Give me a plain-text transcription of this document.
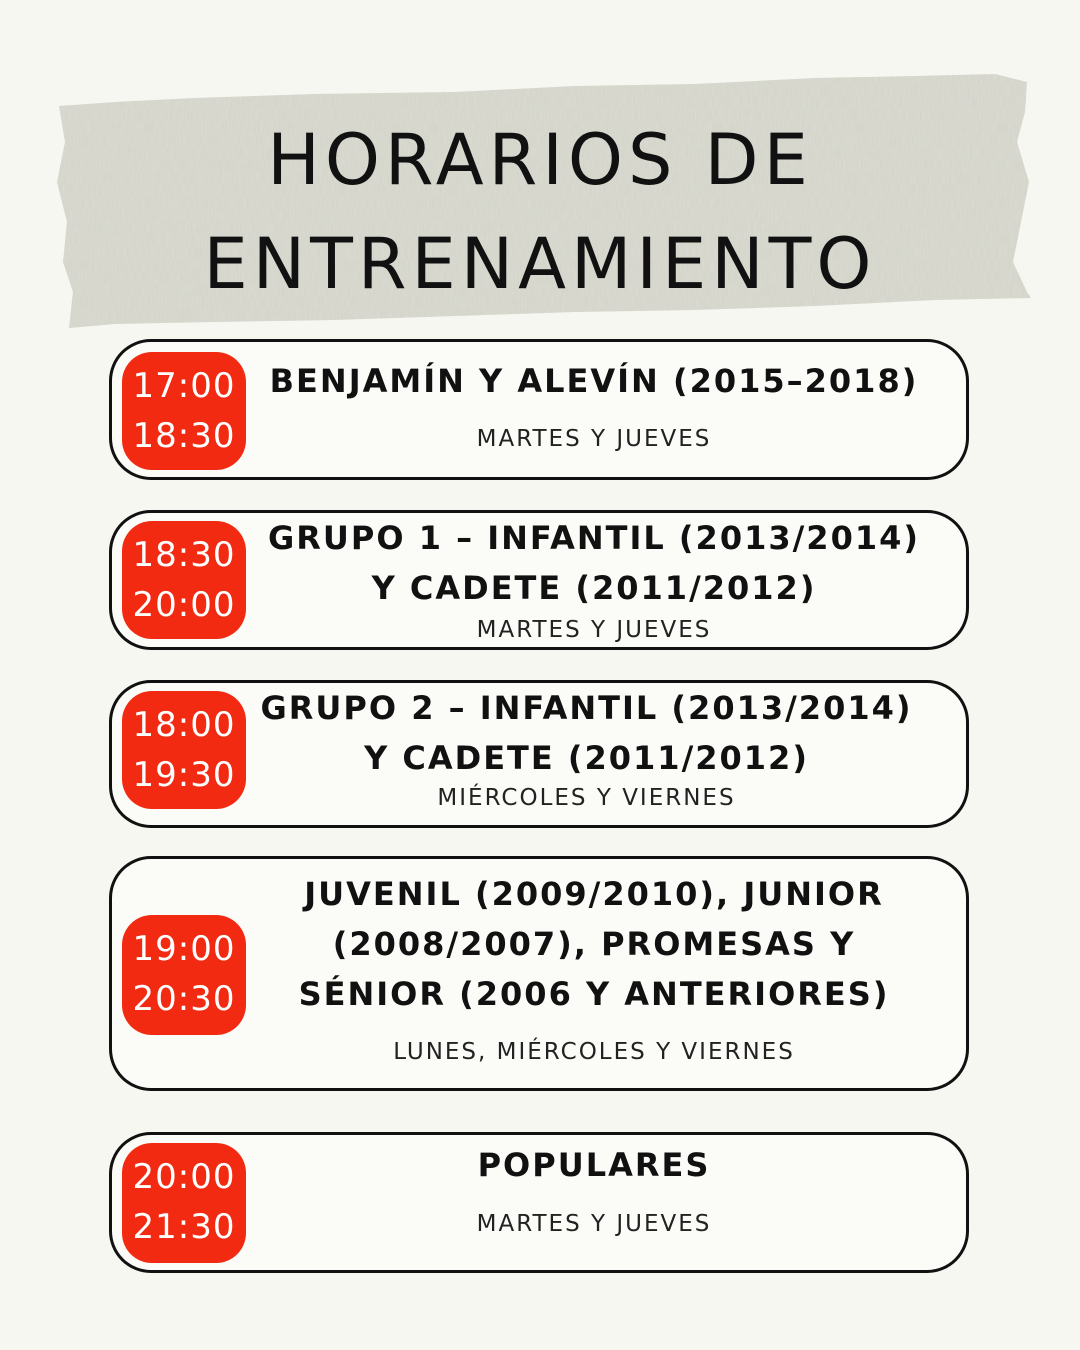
HORARIOS DE
ENTRENAMIENTO
17:00
18:30
BENJAMÍN Y ALEVÍN (2015–2018)
MARTES Y JUEVES
18:30
20:00
GRUPO 1 – INFANTIL (2013/2014)
Y CADETE (2011/2012)
MARTES Y JUEVES
18:00
19:30
GRUPO 2 – INFANTIL (2013/2014)
Y CADETE (2011/2012)
MIÉRCOLES Y VIERNES
19:00
20:30
JUVENIL (2009/2010), JUNIOR
(2008/2007), PROMESAS Y
SÉNIOR (2006 Y ANTERIORES)
LUNES, MIÉRCOLES Y VIERNES
20:00
21:30
POPULARES
MARTES Y JUEVES
